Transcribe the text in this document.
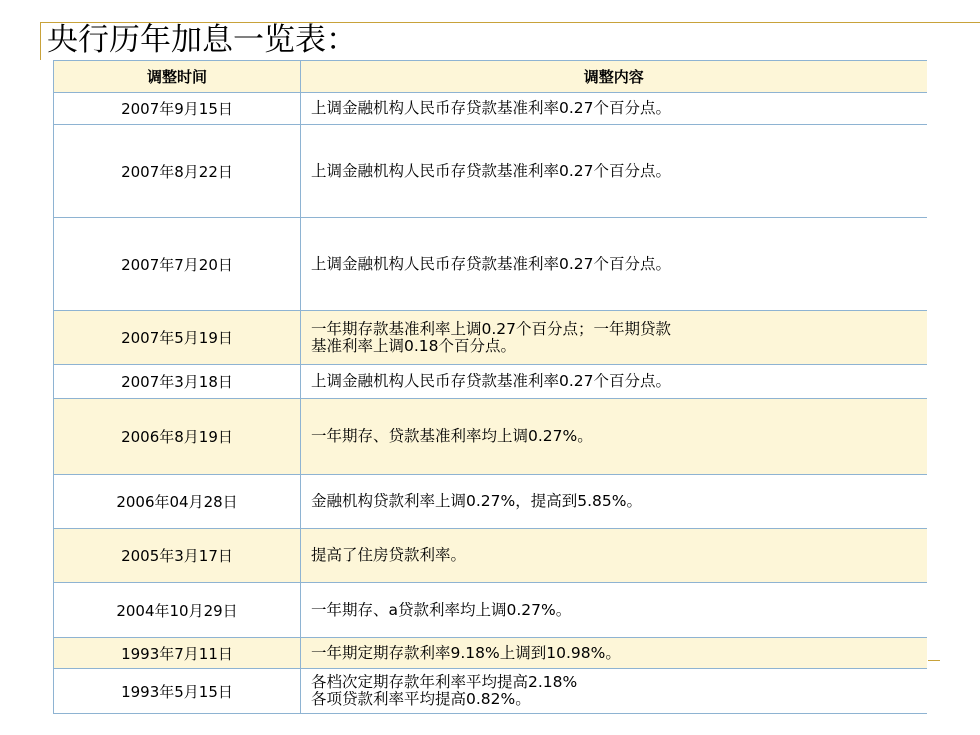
央行历年加息一览表：
调整时间	调整内容
2007年9月15日	上调金融机构人民币存贷款基准利率0.27个百分点。
2007年8月22日	上调金融机构人民币存贷款基准利率0.27个百分点。
2007年7月20日	上调金融机构人民币存贷款基准利率0.27个百分点。
2007年5月19日	一年期存款基准利率上调0.27个百分点；一年期贷款
基准利率上调0.18个百分点。
2007年3月18日	上调金融机构人民币存贷款基准利率0.27个百分点。
2006年8月19日	一年期存、贷款基准利率均上调0.27%。
2006年04月28日	金融机构贷款利率上调0.27%，提高到5.85%。
2005年3月17日	提高了住房贷款利率。
2004年10月29日	一年期存、a贷款利率均上调0.27%。
1993年7月11日	一年期定期存款利率9.18%上调到10.98%。
1993年5月15日	各档次定期存款年利率平均提高2.18%
各项贷款利率平均提高0.82%。
